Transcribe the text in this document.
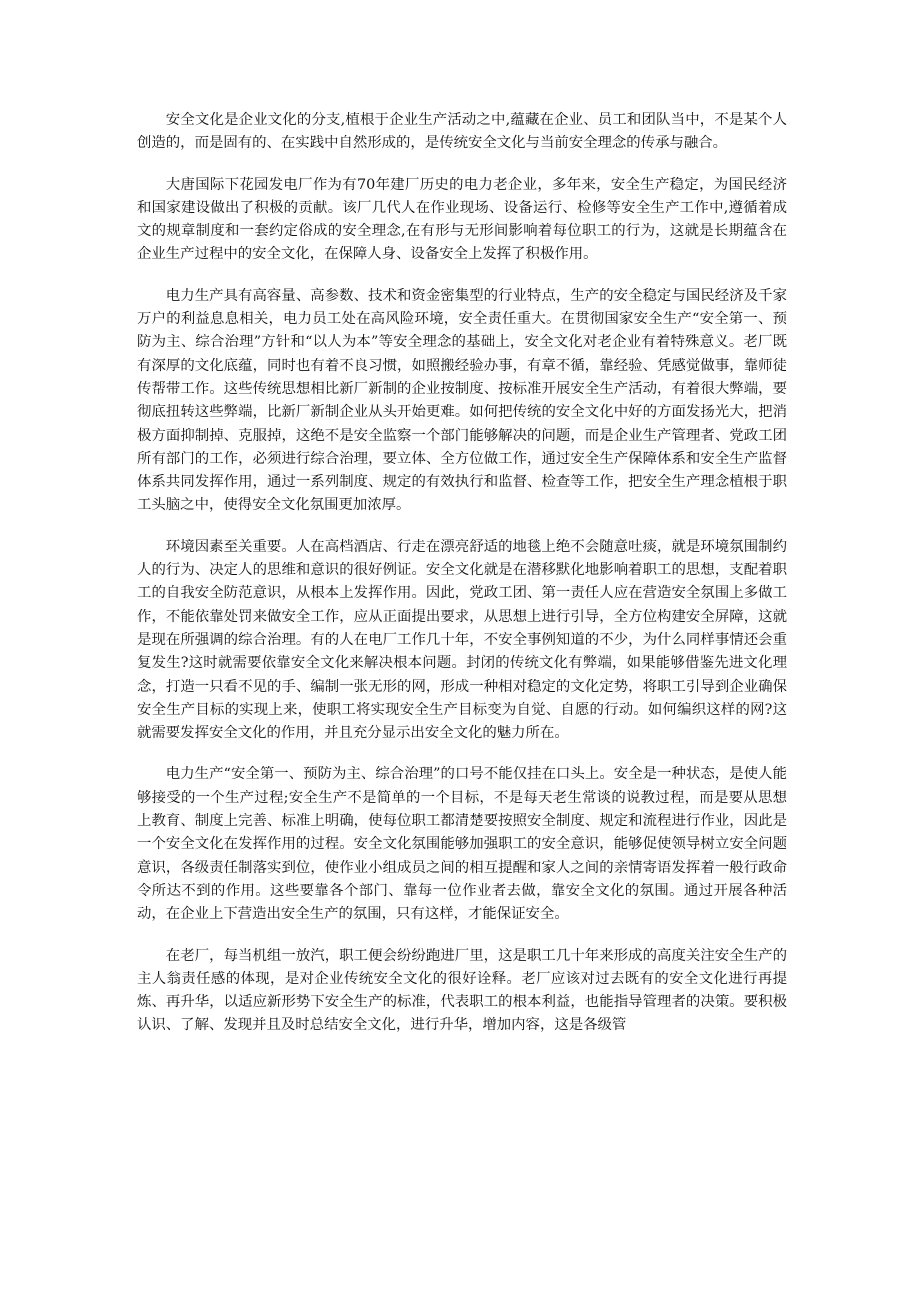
安全文化是企业文化的分支,植根于企业生产活动之中,蕴藏在企业、员工和团队当中，不是某个人创造的，而是固有的、在实践中自然形成的，是传统安全文化与当前安全理念的传承与融合。

大唐国际下花园发电厂作为有70年建厂历史的电力老企业，多年来，安全生产稳定，为国民经济和国家建设做出了积极的贡献。该厂几代人在作业现场、设备运行、检修等安全生产工作中,遵循着成文的规章制度和一套约定俗成的安全理念,在有形与无形间影响着每位职工的行为，这就是长期蕴含在企业生产过程中的安全文化，在保障人身、设备安全上发挥了积极作用。

电力生产具有高容量、高参数、技术和资金密集型的行业特点，生产的安全稳定与国民经济及千家万户的利益息息相关，电力员工处在高风险环境，安全责任重大。在贯彻国家安全生产“安全第一、预防为主、综合治理”方针和“以人为本”等安全理念的基础上，安全文化对老企业有着特殊意义。老厂既有深厚的文化底蕴，同时也有着不良习惯，如照搬经验办事，有章不循，靠经验、凭感觉做事，靠师徒传帮带工作。这些传统思想相比新厂新制的企业按制度、按标准开展安全生产活动，有着很大弊端，要彻底扭转这些弊端，比新厂新制企业从头开始更难。如何把传统的安全文化中好的方面发扬光大，把消极方面抑制掉、克服掉，这绝不是安全监察一个部门能够解决的问题，而是企业生产管理者、党政工团所有部门的工作，必须进行综合治理，要立体、全方位做工作，通过安全生产保障体系和安全生产监督体系共同发挥作用，通过一系列制度、规定的有效执行和监督、检查等工作，把安全生产理念植根于职工头脑之中，使得安全文化氛围更加浓厚。

环境因素至关重要。人在高档酒店、行走在漂亮舒适的地毯上绝不会随意吐痰，就是环境氛围制约人的行为、决定人的思维和意识的很好例证。安全文化就是在潜移默化地影响着职工的思想，支配着职工的自我安全防范意识，从根本上发挥作用。因此，党政工团、第一责任人应在营造安全氛围上多做工作，不能依靠处罚来做安全工作，应从正面提出要求，从思想上进行引导，全方位构建安全屏障，这就是现在所强调的综合治理。有的人在电厂工作几十年，不安全事例知道的不少，为什么同样事情还会重复发生?这时就需要依靠安全文化来解决根本问题。封闭的传统文化有弊端，如果能够借鉴先进文化理念，打造一只看不见的手、编制一张无形的网，形成一种相对稳定的文化定势，将职工引导到企业确保安全生产目标的实现上来，使职工将实现安全生产目标变为自觉、自愿的行动。如何编织这样的网?这就需要发挥安全文化的作用，并且充分显示出安全文化的魅力所在。

电力生产“安全第一、预防为主、综合治理”的口号不能仅挂在口头上。安全是一种状态，是使人能够接受的一个生产过程;安全生产不是简单的一个目标，不是每天老生常谈的说教过程，而是要从思想上教育、制度上完善、标准上明确，使每位职工都清楚要按照安全制度、规定和流程进行作业，因此是一个安全文化在发挥作用的过程。安全文化氛围能够加强职工的安全意识，能够促使领导树立安全问题意识，各级责任制落实到位，使作业小组成员之间的相互提醒和家人之间的亲情寄语发挥着一般行政命令所达不到的作用。这些要靠各个部门、靠每一位作业者去做，靠安全文化的氛围。通过开展各种活动，在企业上下营造出安全生产的氛围，只有这样，才能保证安全。

在老厂，每当机组一放汽，职工便会纷纷跑进厂里，这是职工几十年来形成的高度关注安全生产的主人翁责任感的体现，是对企业传统安全文化的很好诠释。老厂应该对过去既有的安全文化进行再提炼、再升华，以适应新形势下安全生产的标准，代表职工的根本利益，也能指导管理者的决策。要积极认识、了解、发现并且及时总结安全文化，进行升华，增加内容，这是各级管
